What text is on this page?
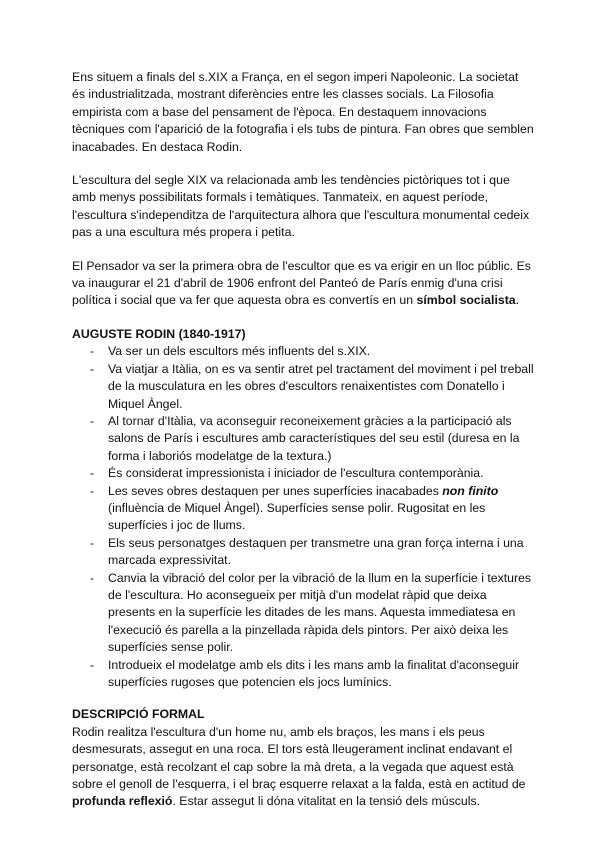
Ens situem a finals del s.XIX a França, en el segon imperi Napoleonic. La societat és industrialitzada, mostrant diferències entre les classes socials. La Filosofia empirista com a base del pensament de l'època. En destaquem innovacions tècniques com l'aparició de la fotografia i els tubs de pintura. Fan obres que semblen inacabades. En destaca Rodin.

L'escultura del segle XIX va relacionada amb les tendències pictòriques tot i que amb menys possibilitats formals i temàtiques. Tanmateix, en aquest període, l'escultura s'independitza de l'arquitectura alhora que l'escultura monumental cedeix pas a una escultura més propera i petita.

El Pensador va ser la primera obra de l'escultor que es va erigir en un lloc públic. Es va inaugurar el 21 d'abril de 1906 enfront del Panteó de París enmig d'una crisi política i social que va fer que aquesta obra es convertís en un símbol socialista.

AUGUSTE RODIN (1840-1917)
- Va ser un dels escultors més influents del s.XIX.
- Va viatjar a Itàlia, on es va sentir atret pel tractament del moviment i pel treball de la musculatura en les obres d'escultors renaixentistes com Donatello i Miquel Àngel.
- Al tornar d'Itàlia, va aconseguir reconeixement gràcies a la participació als salons de París i escultures amb característiques del seu estil (duresa en la forma i laboriós modelatge de la textura.)
- És considerat impressionista i iniciador de l'escultura contemporània.
- Les seves obres destaquen per unes superfícies inacabades non finito (influència de Miquel Àngel). Superfícies sense polir. Rugositat en les superfícies i joc de llums.
- Els seus personatges destaquen per transmetre una gran força interna i una marcada expressivitat.
- Canvia la vibració del color per la vibració de la llum en la superfície i textures de l'escultura. Ho aconsegueix per mitjà d'un modelat ràpid que deixa presents en la superfície les ditades de les mans. Aquesta immediatesa en l'execució és parella a la pinzellada ràpida dels pintors. Per això deixa les superfícies sense polir.
- Introdueix el modelatge amb els dits i les mans amb la finalitat d'aconseguir superfícies rugoses que potencien els jocs lumínics.
DESCRIPCIÓ FORMAL

Rodin realitza l'escultura d'un home nu, amb els braços, les mans i els peus desmesurats, assegut en una roca. El tors està lleugerament inclinat endavant el personatge, està recolzant el cap sobre la mà dreta, a la vegada que aquest està sobre el genoll de l'esquerra, i el braç esquerre relaxat a la falda, està en actitud de profunda reflexió. Estar assegut li dóna vitalitat en la tensió dels músculs.
